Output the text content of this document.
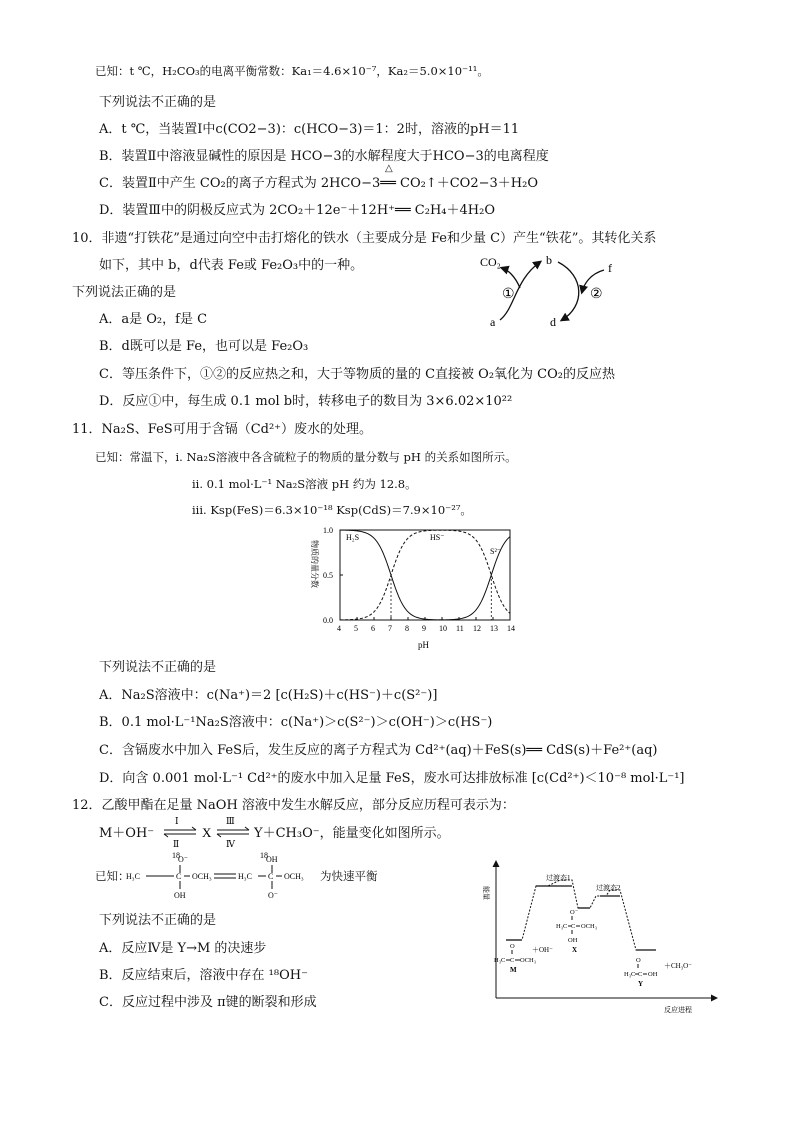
已知：t ℃，H₂CO₃的电离平衡常数：Ka₁＝4.6×10⁻⁷，Ka₂＝5.0×10⁻¹¹。
下列说法不正确的是
A．t ℃，当装置Ⅰ中c(CO2−3)：c(HCO−3)＝1：2时，溶液的pH＝11
B．装置Ⅱ中溶液显碱性的原因是 HCO−3的水解程度大于HCO−3的电离程度
△
C．装置Ⅱ中产生 CO₂的离子方程式为 2HCO−3══ CO₂↑＋CO2−3＋H₂O
D．装置Ⅲ中的阴极反应式为 2CO₂＋12e⁻＋12H⁺══ C₂H₄＋4H₂O
10．非遗“打铁花”是通过向空中击打熔化的铁水（主要成分是 Fe和少量 C）产生“铁花”。其转化关系
如下，其中 b，d代表 Fe或 Fe₂O₃中的一种。
下列说法正确的是
A．a是 O₂，f是 C
B．d既可以是 Fe，也可以是 Fe₂O₃
C．等压条件下，①②的反应热之和，大于等物质的量的 C直接被 O₂氧化为 CO₂的反应热
D．反应①中，每生成 0.1 mol b时，转移电子的数目为 3×6.02×10²²
CO₂	b
f
a	d
①	②
11．Na₂S、FeS可用于含镉（Cd²⁺）废水的处理。
已知：常温下，i. Na₂S溶液中各含硫粒子的物质的量分数与 pH 的关系如图所示。
ii. 0.1 mol·L⁻¹ Na₂S溶液 pH 约为 12.8。
iii. Ksp(FeS)＝6.3×10⁻¹⁸ Ksp(CdS)＝7.9×10⁻²⁷。
4 5 6 7 8 9 10 11 12 13 14
0.0
0.5
1.0
物质的量分数
pH
H₂S	HS⁻
S²⁻
下列说法不正确的是
A．Na₂S溶液中：c(Na⁺)＝2 [c(H₂S)＋c(HS⁻)＋c(S²⁻)]
B．0.1 mol·L⁻¹Na₂S溶液中：c(Na⁺)＞c(S²⁻)＞c(OH⁻)＞c(HS⁻)
C．含镉废水中加入 FeS后，发生反应的离子方程式为 Cd²⁺(aq)＋FeS(s)══ CdS(s)＋Fe²⁺(aq)
D．向含 0.001 mol·L⁻¹ Cd²⁺的废水中加入足量 FeS，废水可达排放标准 [c(Cd²⁺)＜10⁻⁸ mol·L⁻¹]
12．乙酸甲酯在足量 NaOH 溶液中发生水解反应，部分反应历程可表示为：
M＋OH⁻
Ⅰ
Ⅱ
X
Ⅲ
Ⅳ
Y＋CH₃O⁻，能量变化如图所示。
已知：
18
O⁻
H₃C	C OCH₃
OH
18
OH
H₃C C OCH₃
O⁻
为快速平衡
下列说法不正确的是
A．反应Ⅳ是 Y→M 的决速步
B．反应结束后，溶液中存在 ¹⁸OH⁻
C．反应过程中涉及 π键的断裂和形成
能量
反应进程
过渡态1
过渡态2
O
H₃C C OCH₃
O⁻
H₃C C OCH₃
OH
O
H₃C C OH
＋OH⁻
＋CH₃O⁻
M
X
Y
